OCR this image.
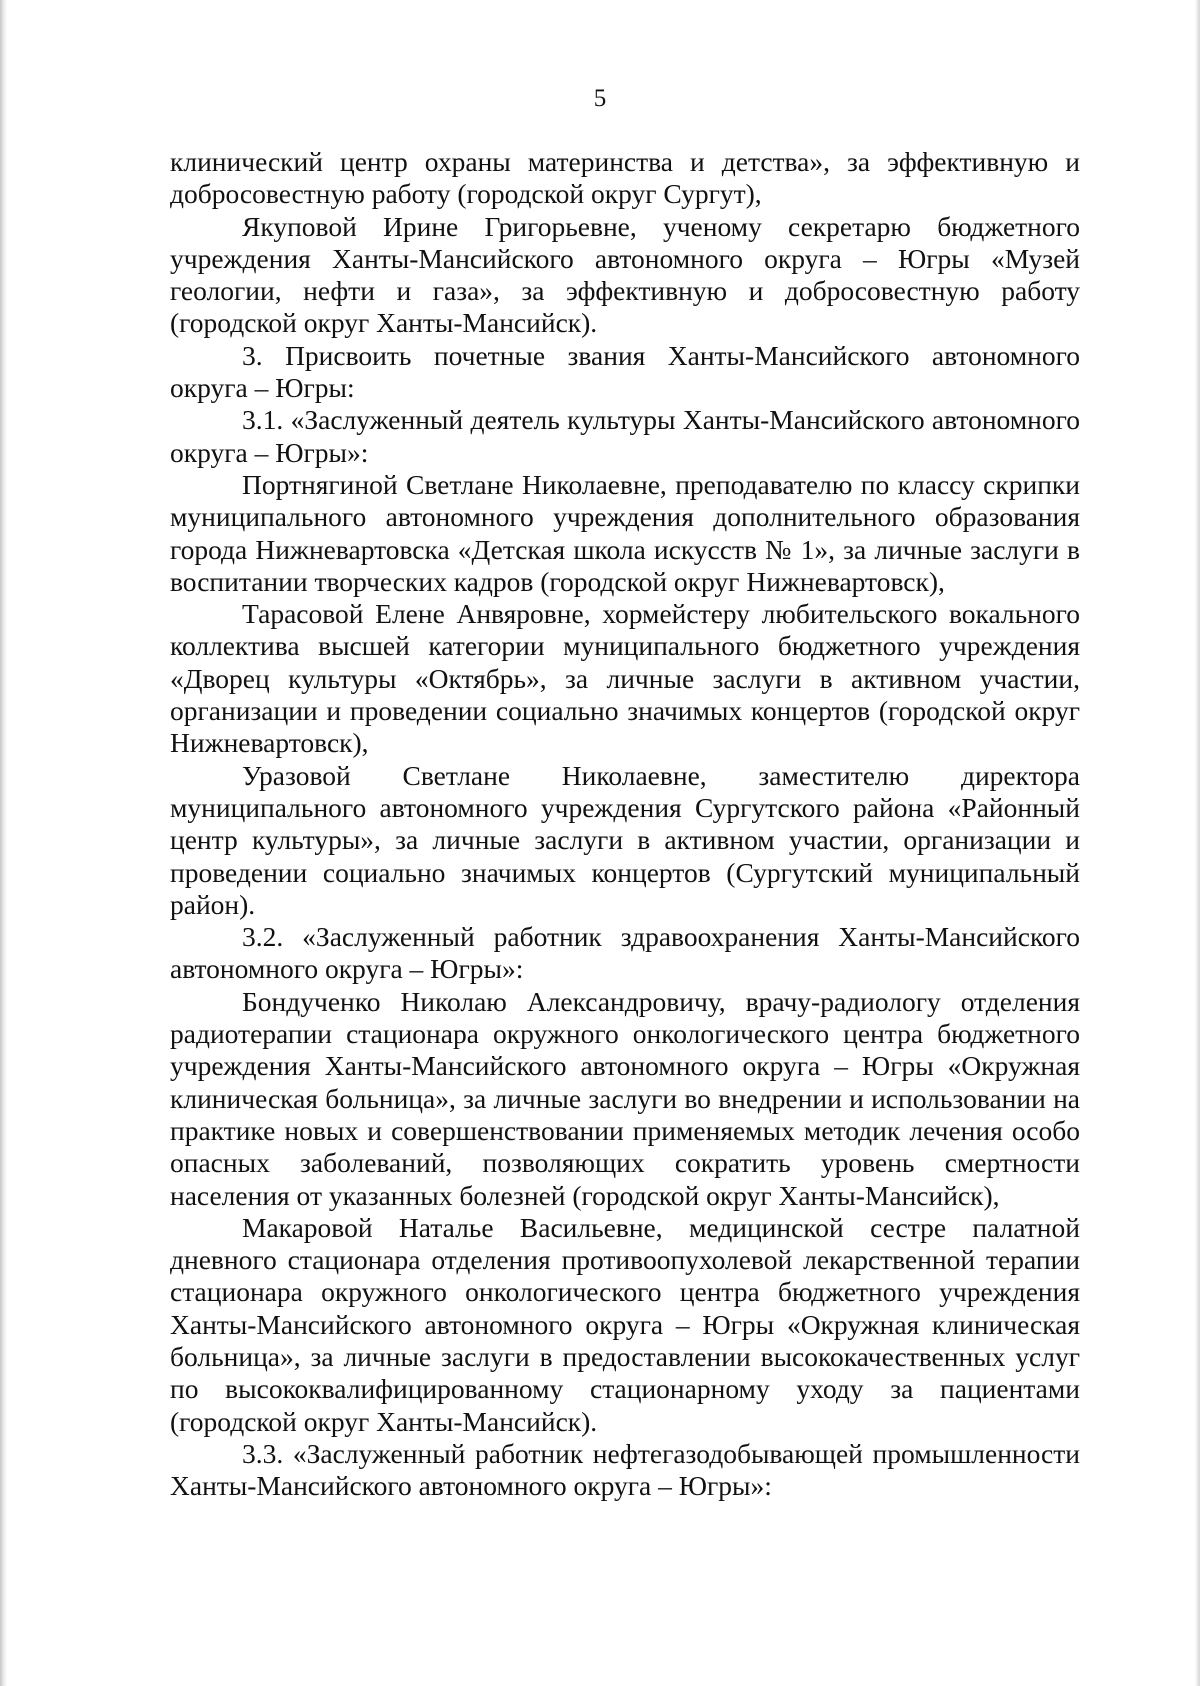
5

клинический центр охраны материнства и детства», за эффективную и добросовестную работу (городской округ Сургут),

Якуповой Ирине Григорьевне, ученому секретарю бюджетного учреждения Ханты-Мансийского автономного округа – Югры «Музей геологии, нефти и газа», за эффективную и добросовестную работу (городской округ Ханты-Мансийск).

3. Присвоить почетные звания Ханты-Мансийского автономного округа – Югры:

3.1. «Заслуженный деятель культуры Ханты-Мансийского автономного округа – Югры»:

Портнягиной Светлане Николаевне, преподавателю по классу скрипки муниципального автономного учреждения дополнительного образования города Нижневартовска «Детская школа искусств № 1», за личные заслуги в воспитании творческих кадров (городской округ Нижневартовск),

Тарасовой Елене Анвяровне, хормейстеру любительского вокального коллектива высшей категории муниципального бюджетного учреждения «Дворец культуры «Октябрь», за личные заслуги в активном участии, организации и проведении социально значимых концертов (городской округ Нижневартовск),

Уразовой Светлане Николаевне, заместителю директора муниципального автономного учреждения Сургутского района «Районный центр культуры», за личные заслуги в активном участии, организации и проведении социально значимых концертов (Сургутский муниципальный район).

3.2. «Заслуженный работник здравоохранения Ханты-Мансийского автономного округа – Югры»:

Бондученко Николаю Александровичу, врачу-радиологу отделения радиотерапии стационара окружного онкологического центра бюджетного учреждения Ханты-Мансийского автономного округа – Югры «Окружная клиническая больница», за личные заслуги во внедрении и использовании на практике новых и совершенствовании применяемых методик лечения особо опасных заболеваний, позволяющих сократить уровень смертности населения от указанных болезней (городской округ Ханты-Мансийск),

Макаровой Наталье Васильевне, медицинской сестре палатной дневного стационара отделения противоопухолевой лекарственной терапии стационара окружного онкологического центра бюджетного учреждения Ханты-Мансийского автономного округа – Югры «Окружная клиническая больница», за личные заслуги в предоставлении высококачественных услуг по высококвалифицированному стационарному уходу за пациентами (городской округ Ханты-Мансийск).

3.3. «Заслуженный работник нефтегазодобывающей промышленности Ханты-Мансийского автономного округа – Югры»:
